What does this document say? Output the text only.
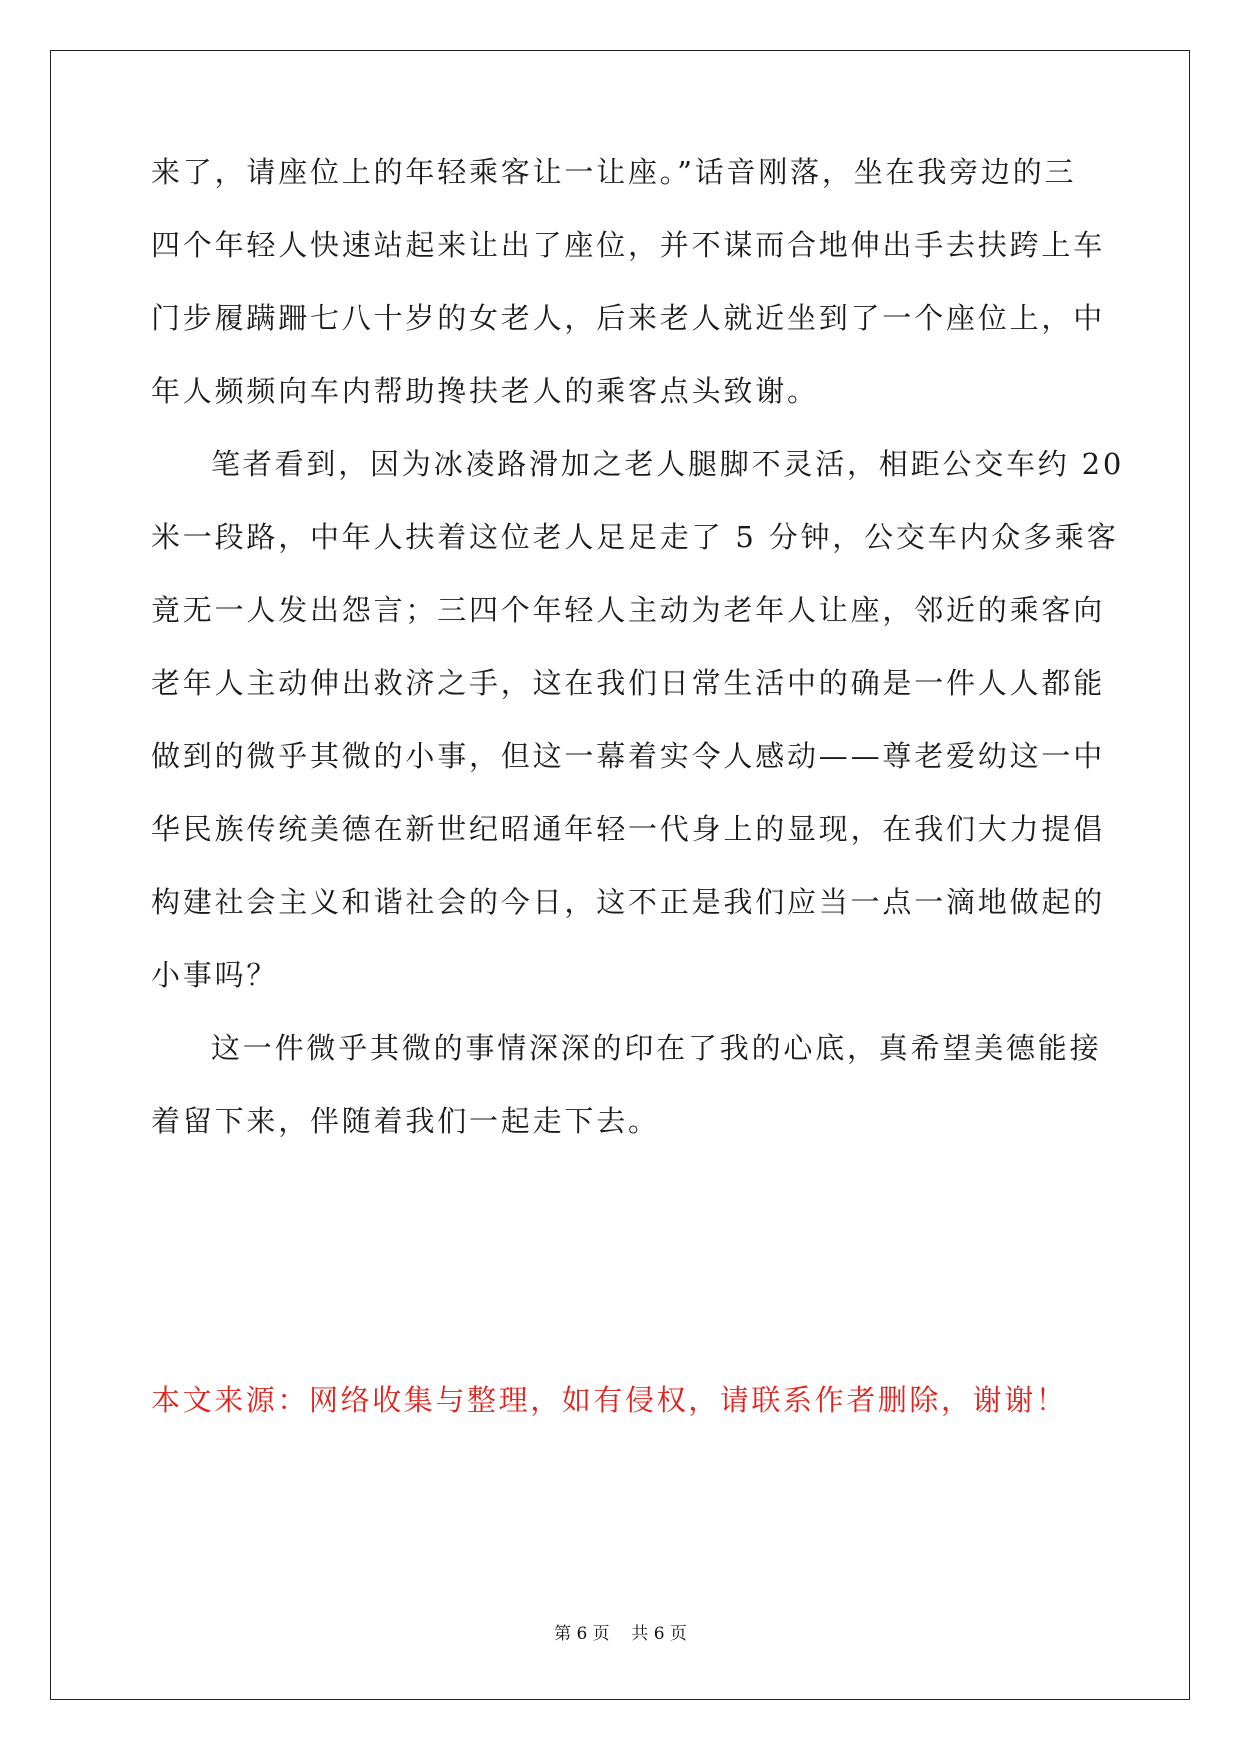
来了，请座位上的年轻乘客让一让座。”话音刚落，坐在我旁边的三
四个年轻人快速站起来让出了座位，并不谋而合地伸出手去扶跨上车
门步履蹒跚七八十岁的女老人，后来老人就近坐到了一个座位上，中
年人频频向车内帮助搀扶老人的乘客点头致谢。
笔者看到，因为冰凌路滑加之老人腿脚不灵活，相距公交车约 20
米一段路，中年人扶着这位老人足足走了 5 分钟，公交车内众多乘客
竟无一人发出怨言；三四个年轻人主动为老年人让座，邻近的乘客向
老年人主动伸出救济之手，这在我们日常生活中的确是一件人人都能
做到的微乎其微的小事，但这一幕着实令人感动——尊老爱幼这一中
华民族传统美德在新世纪昭通年轻一代身上的显现，在我们大力提倡
构建社会主义和谐社会的今日，这不正是我们应当一点一滴地做起的
小事吗？
这一件微乎其微的事情深深的印在了我的心底，真希望美德能接
着留下来，伴随着我们一起走下去。
本文来源：网络收集与整理，如有侵权，请联系作者删除，谢谢！
第 6 页    共 6 页
